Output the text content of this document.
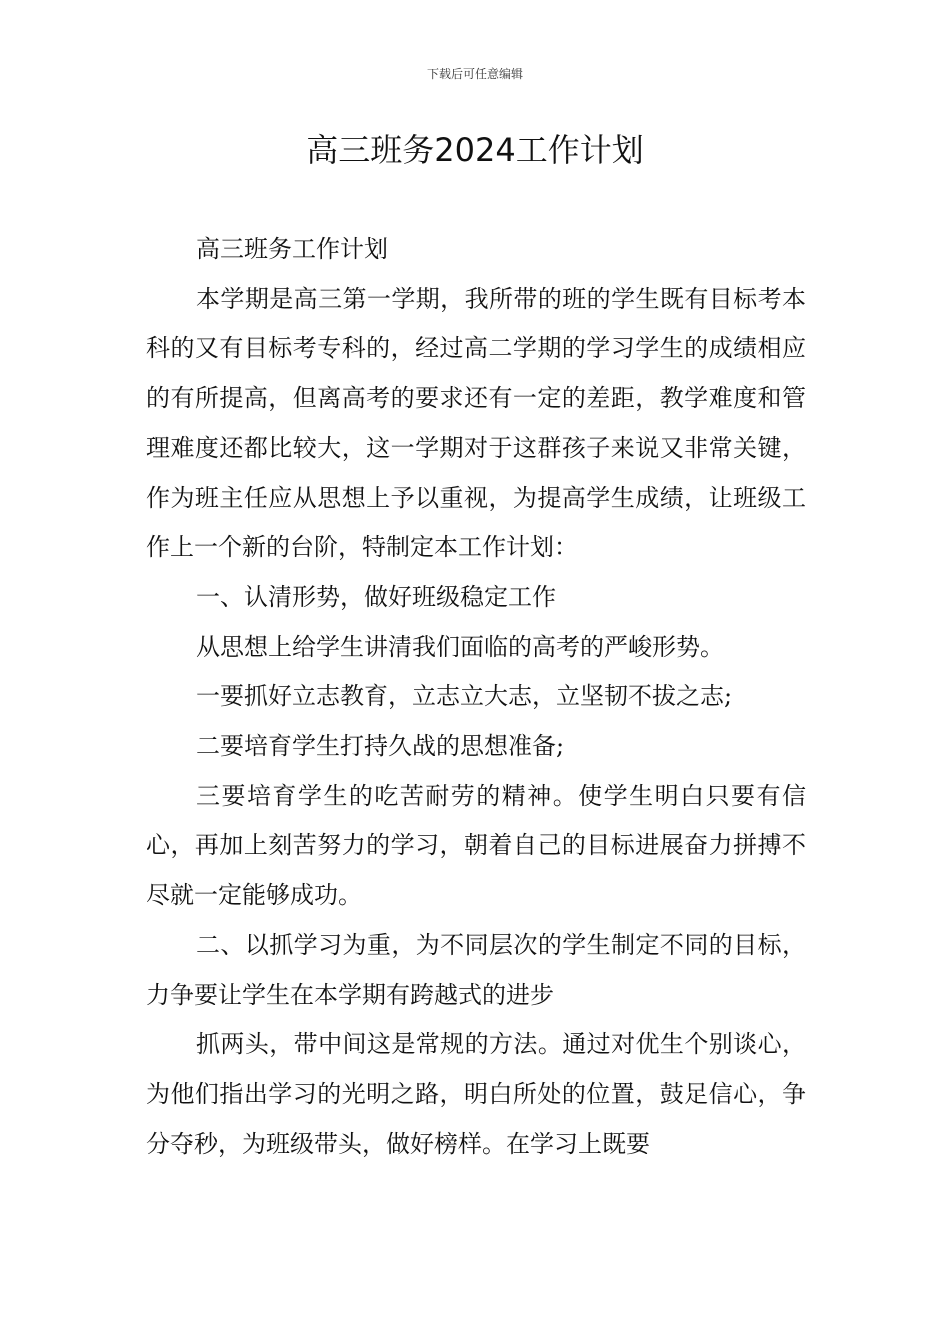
下载后可任意编辑
高三班务2024工作计划

高三班务工作计划

本学期是高三第一学期，我所带的班的学生既有目标考本科的又有目标考专科的，经过高二学期的学习学生的成绩相应的有所提高，但离高考的要求还有一定的差距，教学难度和管理难度还都比较大，这一学期对于这群孩子来说又非常关键，作为班主任应从思想上予以重视，为提高学生成绩，让班级工作上一个新的台阶，特制定本工作计划：

一、认清形势，做好班级稳定工作

从思想上给学生讲清我们面临的高考的严峻形势。

一要抓好立志教育，立志立大志，立坚韧不拔之志;

二要培育学生打持久战的思想准备;

三要培育学生的吃苦耐劳的精神。使学生明白只要有信心，再加上刻苦努力的学习，朝着自己的目标进展奋力拼搏不尽就一定能够成功。

二、以抓学习为重，为不同层次的学生制定不同的目标，力争要让学生在本学期有跨越式的进步

抓两头，带中间这是常规的方法。通过对优生个别谈心，为他们指出学习的光明之路，明白所处的位置，鼓足信心，争分夺秒，为班级带头，做好榜样。在学习上既要
